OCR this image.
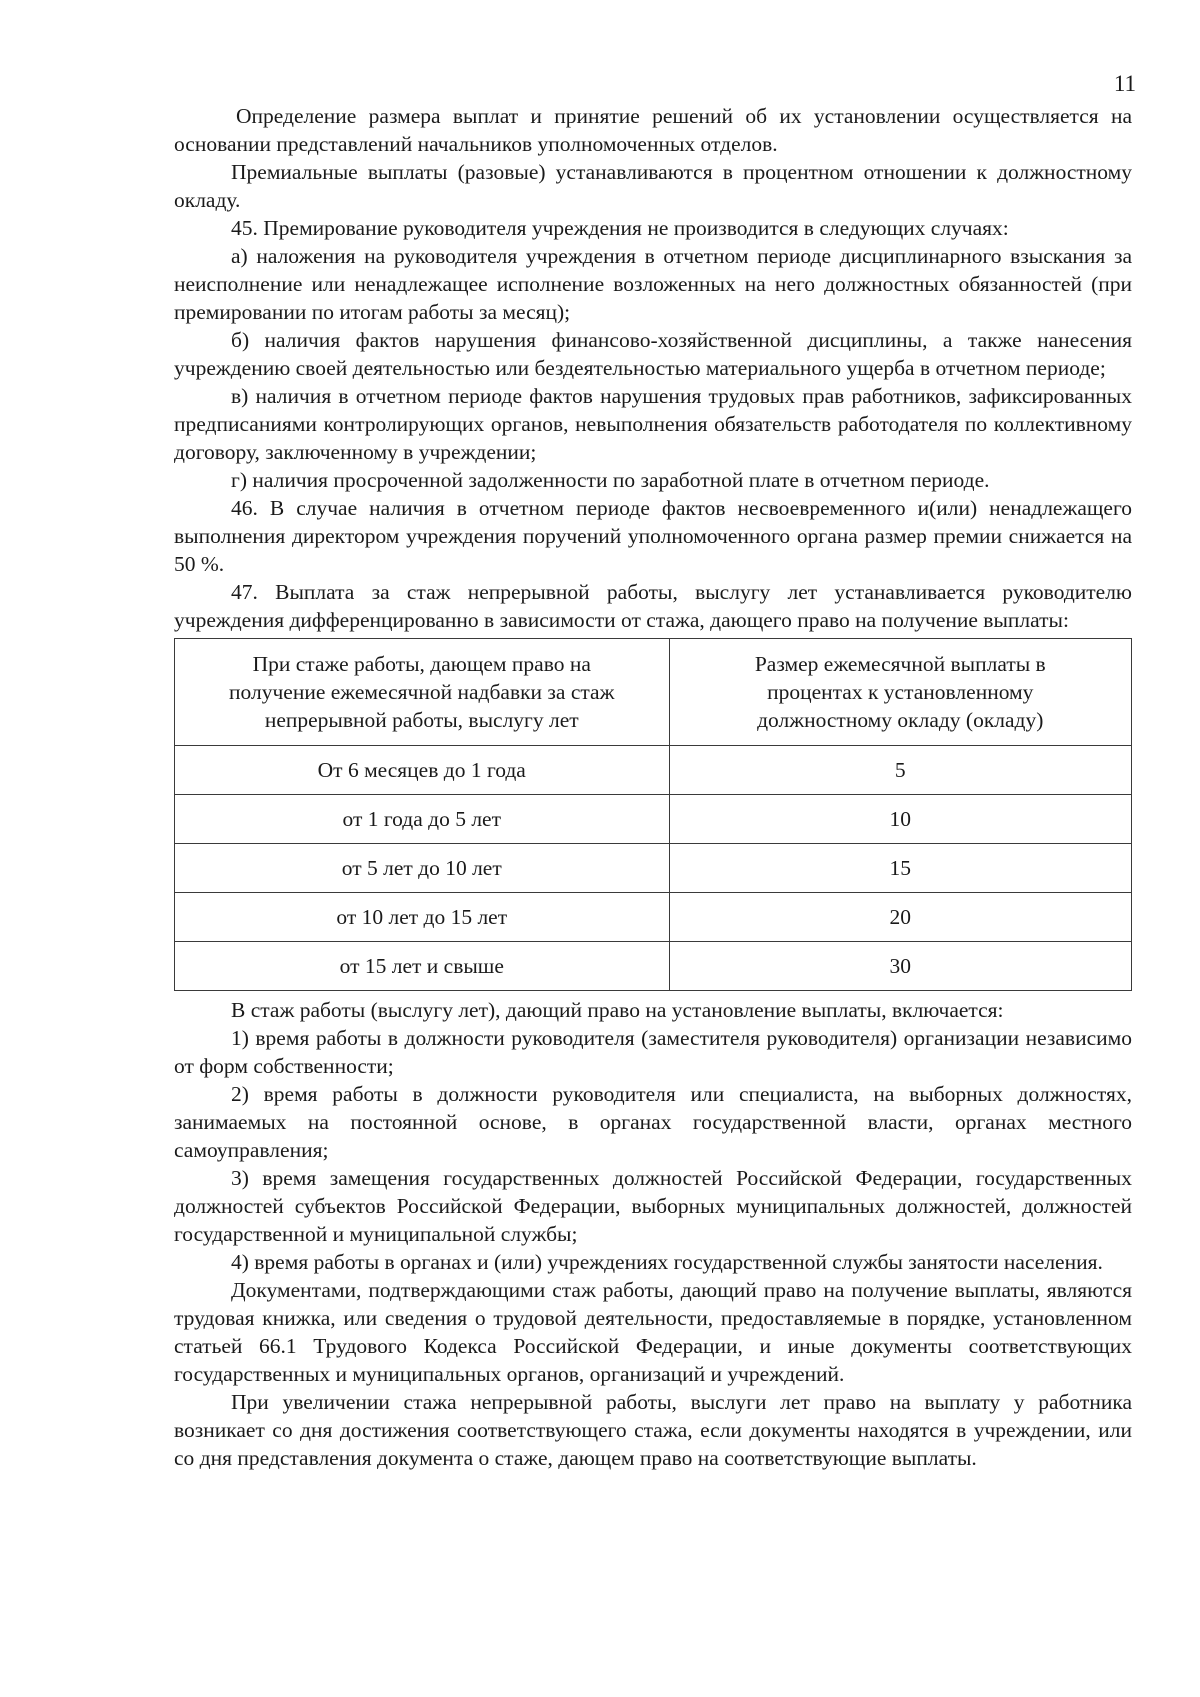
11

Определение размера выплат и принятие решений об их установлении осуществляется на основании представлений начальников уполномоченных отделов.

Премиальные выплаты (разовые) устанавливаются в процентном отношении к должностному окладу.

45. Премирование руководителя учреждения не производится в следующих случаях:

а) наложения на руководителя учреждения в отчетном периоде дисциплинарного взыскания за неисполнение или ненадлежащее исполнение возложенных на него должностных обязанностей (при премировании по итогам работы за месяц);

б) наличия фактов нарушения финансово-хозяйственной дисциплины, а также нанесения учреждению своей деятельностью или бездеятельностью материального ущерба в отчетном периоде;

в) наличия в отчетном периоде фактов нарушения трудовых прав работников, зафиксированных предписаниями контролирующих органов, невыполнения обязательств работодателя по коллективному договору, заключенному в учреждении;

г) наличия просроченной задолженности по заработной плате в отчетном периоде.

46. В случае наличия в отчетном периоде фактов несвоевременного и(или) ненадлежащего выполнения директором учреждения поручений уполномоченного органа размер премии снижается на 50 %.

47. Выплата за стаж непрерывной работы, выслугу лет устанавливается руководителю учреждения дифференцированно в зависимости от стажа, дающего право на получение выплаты:

При стаже работы, дающем право на
получение ежемесячной надбавки за стаж
непрерывной работы, выслугу лет	Размер ежемесячной выплаты в
процентах к установленному
должностному окладу (окладу)

От 6 месяцев до 1 года	5
от 1 года до 5 лет	10
от 5 лет до 10 лет	15
от 10 лет до 15 лет	20
от 15 лет и свыше	30

В стаж работы (выслугу лет), дающий право на установление выплаты, включается:

1) время работы в должности руководителя (заместителя руководителя) организации независимо от форм собственности;

2) время работы в должности руководителя или специалиста, на выборных должностях, занимаемых на постоянной основе, в органах государственной власти, органах местного самоуправления;

3) время замещения государственных должностей Российской Федерации, государственных должностей субъектов Российской Федерации, выборных муниципальных должностей, должностей государственной и муниципальной службы;

4) время работы в органах и (или) учреждениях государственной службы занятости населения.

Документами, подтверждающими стаж работы, дающий право на получение выплаты, являются трудовая книжка, или сведения о трудовой деятельности, предоставляемые в порядке, установленном статьей 66.1 Трудового Кодекса Российской Федерации, и иные документы соответствующих государственных и муниципальных органов, организаций и учреждений.

При увеличении стажа непрерывной работы, выслуги лет право на выплату у работника возникает со дня достижения соответствующего стажа, если документы находятся в учреждении, или со дня представления документа о стаже, дающем право на соответствующие выплаты.
